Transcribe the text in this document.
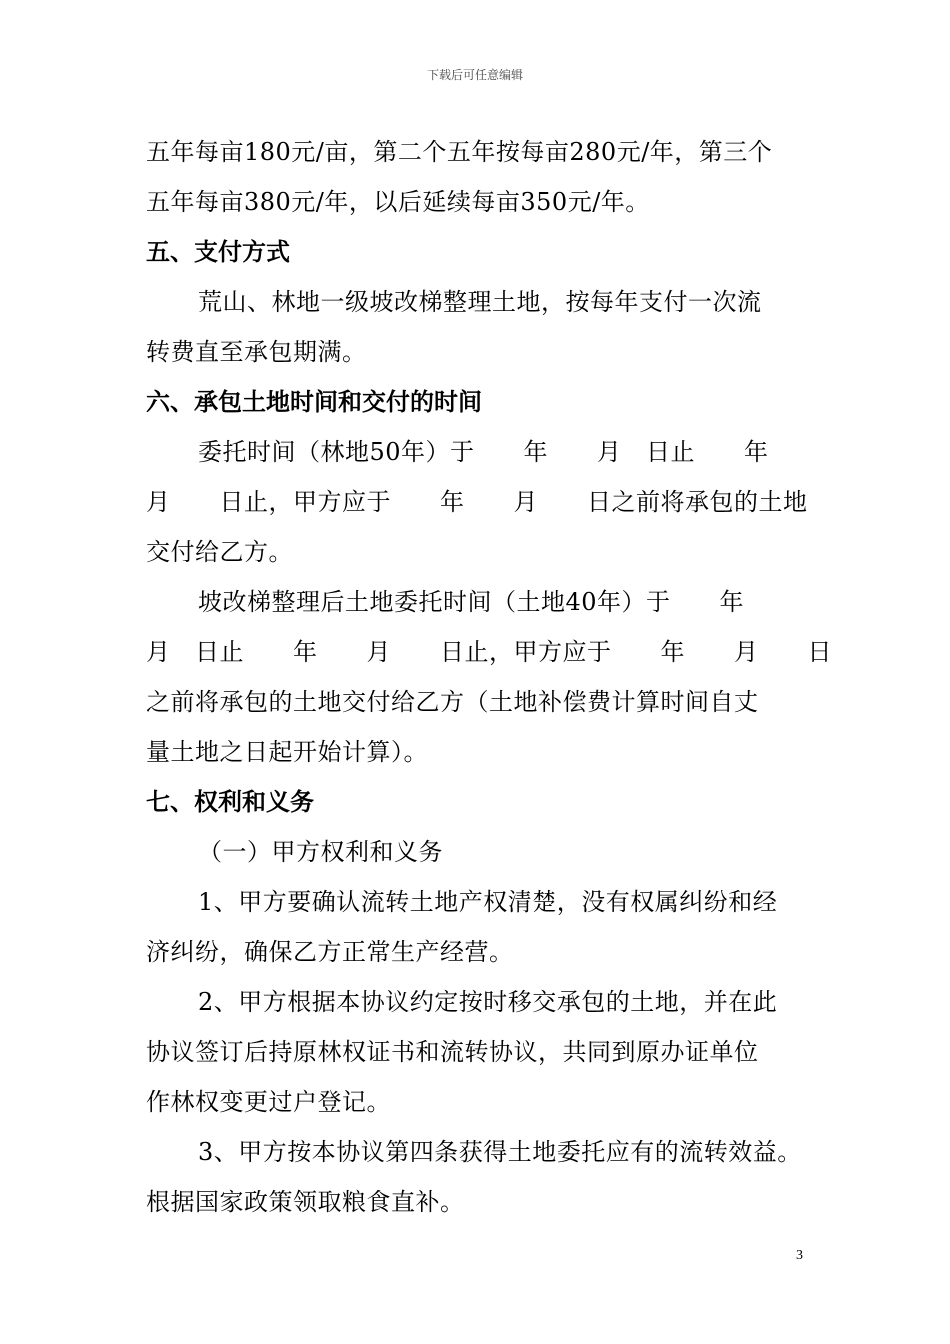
下载后可任意编辑
五年每亩180元/亩，第二个五年按每亩280元/年，第三个
五年每亩380元/年，以后延续每亩350元/年。
五、支付方式
荒山、林地一级坡改梯整理土地，按每年支付一次流
转费直至承包期满。
六、承包土地时间和交付的时间
委托时间（林地50年）于　　年　　月　日止　　年
月　　日止，甲方应于　　年　　月　　日之前将承包的土地
交付给乙方。
坡改梯整理后土地委托时间（土地40年）于　　年
月　日止　　年　　月　　日止，甲方应于　　年　　月　　日
之前将承包的土地交付给乙方（土地补偿费计算时间自丈
量土地之日起开始计算）。
七、权利和义务
（一）甲方权利和义务
1、甲方要确认流转土地产权清楚，没有权属纠纷和经
济纠纷，确保乙方正常生产经营。
2、甲方根据本协议约定按时移交承包的土地，并在此
协议签订后持原林权证书和流转协议，共同到原办证单位
作林权变更过户登记。
3、甲方按本协议第四条获得土地委托应有的流转效益。
根据国家政策领取粮食直补。
3
